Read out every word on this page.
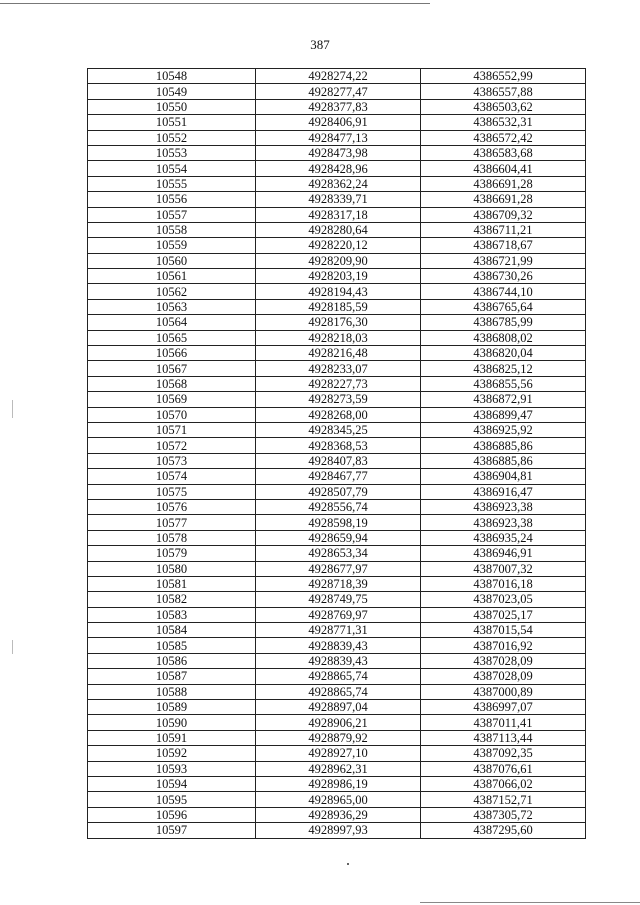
387
10548	4928274,22	4386552,99
10549	4928277,47	4386557,88
10550	4928377,83	4386503,62
10551	4928406,91	4386532,31
10552	4928477,13	4386572,42
10553	4928473,98	4386583,68
10554	4928428,96	4386604,41
10555	4928362,24	4386691,28
10556	4928339,71	4386691,28
10557	4928317,18	4386709,32
10558	4928280,64	4386711,21
10559	4928220,12	4386718,67
10560	4928209,90	4386721,99
10561	4928203,19	4386730,26
10562	4928194,43	4386744,10
10563	4928185,59	4386765,64
10564	4928176,30	4386785,99
10565	4928218,03	4386808,02
10566	4928216,48	4386820,04
10567	4928233,07	4386825,12
10568	4928227,73	4386855,56
10569	4928273,59	4386872,91
10570	4928268,00	4386899,47
10571	4928345,25	4386925,92
10572	4928368,53	4386885,86
10573	4928407,83	4386885,86
10574	4928467,77	4386904,81
10575	4928507,79	4386916,47
10576	4928556,74	4386923,38
10577	4928598,19	4386923,38
10578	4928659,94	4386935,24
10579	4928653,34	4386946,91
10580	4928677,97	4387007,32
10581	4928718,39	4387016,18
10582	4928749,75	4387023,05
10583	4928769,97	4387025,17
10584	4928771,31	4387015,54
10585	4928839,43	4387016,92
10586	4928839,43	4387028,09
10587	4928865,74	4387028,09
10588	4928865,74	4387000,89
10589	4928897,04	4386997,07
10590	4928906,21	4387011,41
10591	4928879,92	4387113,44
10592	4928927,10	4387092,35
10593	4928962,31	4387076,61
10594	4928986,19	4387066,02
10595	4928965,00	4387152,71
10596	4928936,29	4387305,72
10597	4928997,93	4387295,60
